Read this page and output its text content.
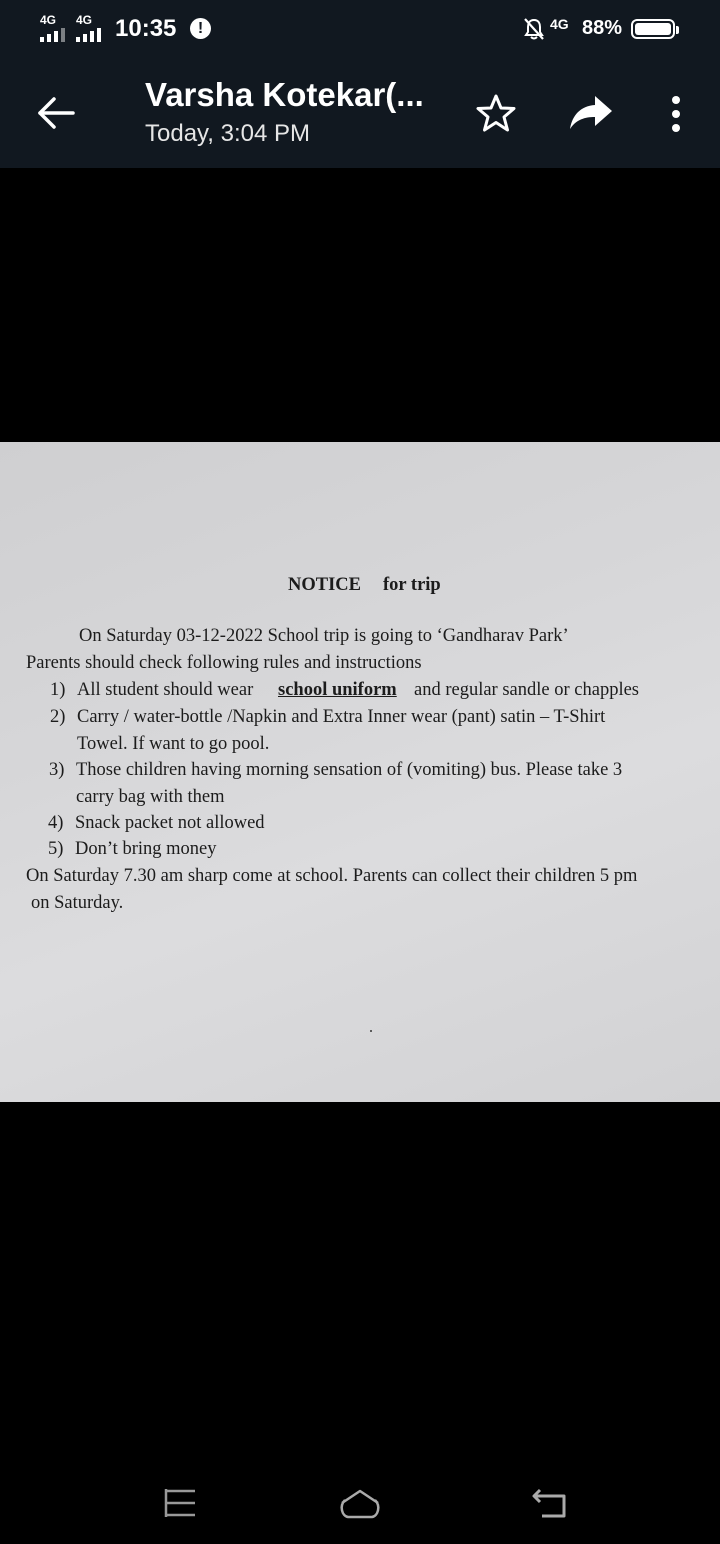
4G 4G 10:35	!	4G 88%
Varsha Kotekar(...
Today, 3:04 PM
NOTICE for trip
On Saturday 03-12-2022 School trip is going to ‘Gandharav Park’
Parents should check following rules and instructions
1) All student should wear school uniform and regular sandle or chapples
2) Carry / water-bottle /Napkin and Extra Inner wear (pant) satin – T-Shirt
Towel. If want to go pool.
3) Those children having morning sensation of (vomiting) bus. Please take 3
carry bag with them
4) Snack packet not allowed
5) Don’t bring money
On Saturday 7.30 am sharp come at school. Parents can collect their children 5 pm
on Saturday.
